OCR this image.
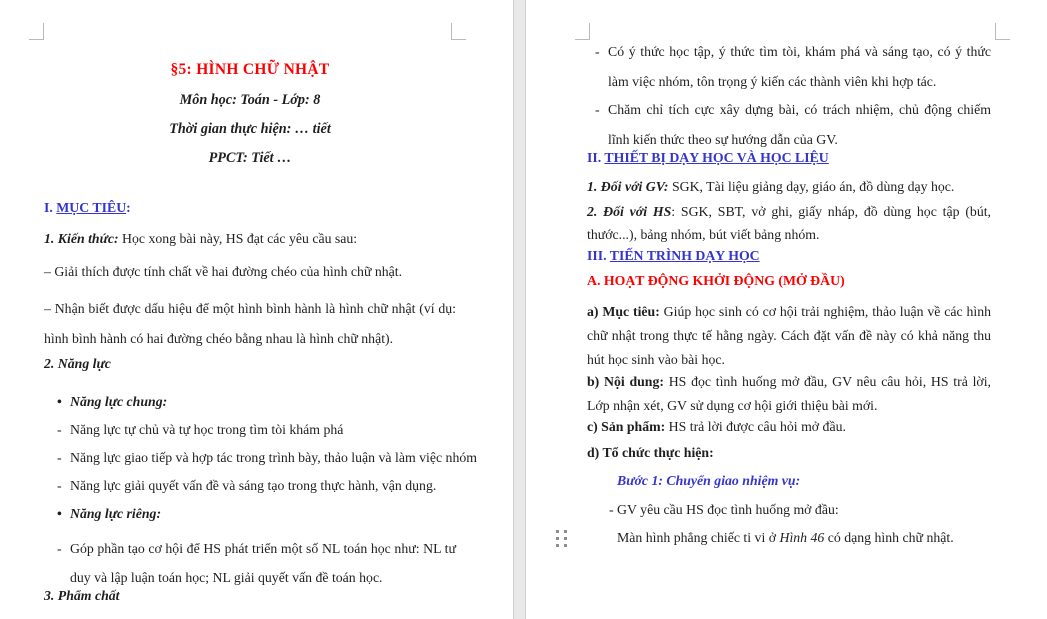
§5: HÌNH CHỮ NHẬT

Môn học: Toán - Lớp: 8

Thời gian thực hiện: … tiết

PPCT: Tiết …

I. MỤC TIÊU:

1. Kiến thức: Học xong bài này, HS đạt các yêu cầu sau:

– Giải thích được tính chất về hai đường chéo của hình chữ nhật.

– Nhận biết được dấu hiệu để một hình bình hành là hình chữ nhật (ví dụ: hình bình hành có hai đường chéo bằng nhau là hình chữ nhật).

2. Năng lực

• Năng lực chung:
- Năng lực tự chủ và tự học trong tìm tòi khám phá
- Năng lực giao tiếp và hợp tác trong trình bày, thảo luận và làm việc nhóm
- Năng lực giải quyết vấn đề và sáng tạo trong thực hành, vận dụng.
• Năng lực riêng:
- Góp phần tạo cơ hội để HS phát triển một số NL toán học như: NL tư duy và lập luận toán học; NL giải quyết vấn đề toán học.

3. Phẩm chất

- Có ý thức học tập, ý thức tìm tòi, khám phá và sáng tạo, có ý thức làm việc nhóm, tôn trọng ý kiến các thành viên khi hợp tác.
- Chăm chỉ tích cực xây dựng bài, có trách nhiệm, chủ động chiếm lĩnh kiến thức theo sự hướng dẫn của GV.

II. THIẾT BỊ DẠY HỌC VÀ HỌC LIỆU

1. Đối với GV: SGK, Tài liệu giảng dạy, giáo án, đồ dùng dạy học.

2. Đối với HS: SGK, SBT, vở ghi, giấy nháp, đồ dùng học tập (bút, thước...), bảng nhóm, bút viết bảng nhóm.

III. TIẾN TRÌNH DẠY HỌC

A. HOẠT ĐỘNG KHỞI ĐỘNG (MỞ ĐẦU)

a) Mục tiêu: Giúp học sinh có cơ hội trải nghiệm, thảo luận về các hình chữ nhật trong thực tế hằng ngày. Cách đặt vấn đề này có khả năng thu hút học sinh vào bài học.

b) Nội dung: HS đọc tình huống mở đầu, GV nêu câu hỏi, HS trả lời, Lớp nhận xét, GV sử dụng cơ hội giới thiệu bài mới.

c) Sản phẩm: HS trả lời được câu hỏi mở đầu.

d) Tổ chức thực hiện:

Bước 1: Chuyển giao nhiệm vụ:

- GV yêu cầu HS đọc tình huống mở đầu:

Màn hình phẳng chiếc ti vi ở Hình 46 có dạng hình chữ nhật.
